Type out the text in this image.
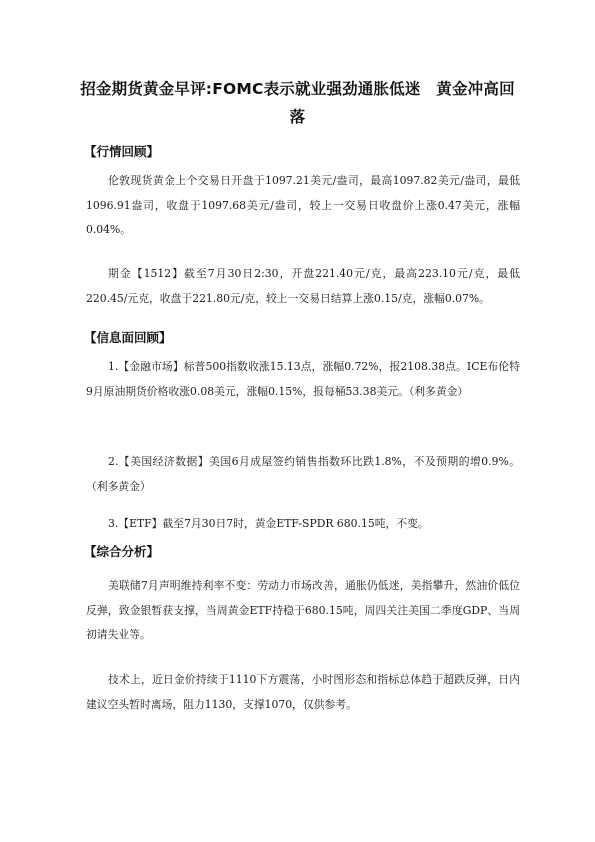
招金期货黄金早评:FOMC表示就业强劲通胀低迷　黄金冲高回落
【行情回顾】
伦敦现货黄金上个交易日开盘于1097.21美元/盎司，最高1097.82美元/盎司，最低1096.91盎司，收盘于1097.68美元/盎司，较上一交易日收盘价上涨0.47美元，涨幅0.04%。
期金【1512】截至7月30日2:30，开盘221.40元/克，最高223.10元/克，最低220.45/元克，收盘于221.80元/克，较上一交易日结算上涨0.15/克，涨幅0.07%。
【信息面回顾】
1.【金融市场】标普500指数收涨15.13点，涨幅0.72%，报2108.38点。ICE布伦特9月原油期货价格收涨0.08美元，涨幅0.15%，报每桶53.38美元。（利多黄金）
2.【美国经济数据】美国6月成屋签约销售指数环比跌1.8%，不及预期的增0.9%。（利多黄金）
3.【ETF】截至7月30日7时，黄金ETF-SPDR 680.15吨，不变。
【综合分析】
美联储7月声明维持利率不变：劳动力市场改善，通胀仍低迷，美指攀升，然油价低位反弹，致金银暂获支撑，当周黄金ETF持稳于680.15吨，周四关注美国二季度GDP、当周初请失业等。
技术上，近日金价持续于1110下方震荡，小时图形态和指标总体趋于超跌反弹，日内建议空头暂时离场，阻力1130，支撑1070，仅供参考。
